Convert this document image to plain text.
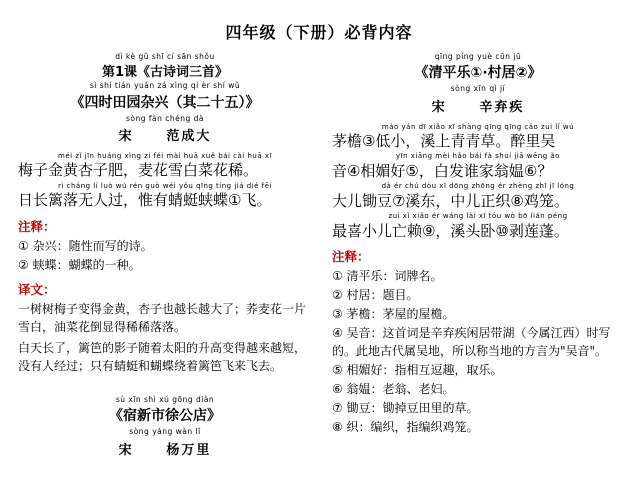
四年级（下册）必背内容
dì kè gǔ shī cí sān shǒu
第1课《古诗词三首》
sì shí tián yuán zá xìng qí èr shí wǔ
《四时田园杂兴（其二十五）》
sòng fàn chéng dà
宋	范成大
méi zǐ jīn huáng xìng zi féi mài huā xuě bái cài huā xī
梅子金黄杏子肥，麦花雪白菜花稀。
rì cháng lí luò wú rén guò wéi yǒu qīng tíng jiá dié fēi
日长篱落无人过，惟有蜻蜓蛱蝶①飞。
注释：
① 杂兴：随性而写的诗。
② 蛱蝶：蝴蝶的一种。
译文：
一树树梅子变得金黄，杏子也越长越大了；荞麦花一片雪白，油菜花倒显得稀稀落落。
白天长了，篱笆的影子随着太阳的升高变得越来越短，没有人经过；只有蜻蜓和蝴蝶绕着篱笆飞来飞去。
sù xīn shì xú gōng diàn
《宿新市徐公店》
sòng yáng wàn lǐ
宋	杨万里
qīng píng yuè cūn jū
《清平乐①·村居②》
sòng xīn qì jí
宋	辛弃疾
máo yán dī xiǎo xī shàng qīng qīng cǎo zuì lǐ wú
茅檐③低小，溪上青青草。醉里吴
yīn xiāng mèi hǎo bái fà shuí jiā wēng ǎo
音④相媚好⑤，白发谁家翁媪⑥？
dà ér chú dòu xī dōng zhōng ér zhèng zhī jī lóng
大儿锄豆⑦溪东，中儿正织⑧鸡笼。
zuì xǐ xiǎo ér wáng lài xī tóu wò bō lián péng
最喜小儿亡赖⑨，溪头卧⑩剥莲蓬。
注释：
① 清平乐：词牌名。
② 村居：题目。
③ 茅檐：茅屋的屋檐。
④ 吴音：这首词是辛弃疾闲居带湖（今属江西）时写的。此地古代属吴地，所以称当地的方言为"吴音"。
⑤ 相媚好：指相互逗趣，取乐。
⑥ 翁媪：老翁、老妇。
⑦ 锄豆：锄掉豆田里的草。
⑧ 织：编织，指编织鸡笼。
